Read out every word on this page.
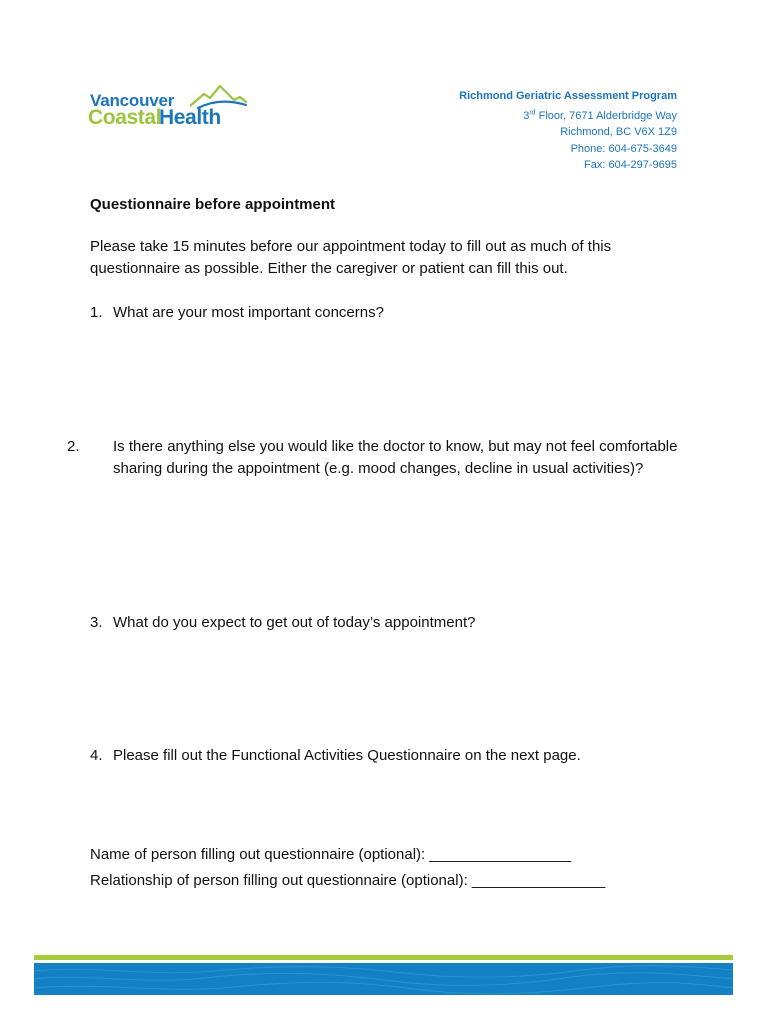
Vancouver
Coastal
Health
Richmond Geriatric Assessment Program
3rd Floor, 7671 Alderbridge Way
Richmond, BC V6X 1Z9
Phone: 604-675-3649
Fax: 604-297-9695

Questionnaire before appointment

Please take 15 minutes before our appointment today to fill out as much of this questionnaire as possible. Either the caregiver or patient can fill this out.

1. What are your most important concerns?

2. Is there anything else you would like the doctor to know, but may not feel comfortable sharing during the appointment (e.g. mood changes, decline in usual activities)?

3. What do you expect to get out of today’s appointment?

4. Please fill out the Functional Activities Questionnaire on the next page.

Name of person filling out questionnaire (optional): _________________

Relationship of person filling out questionnaire (optional): ________________
